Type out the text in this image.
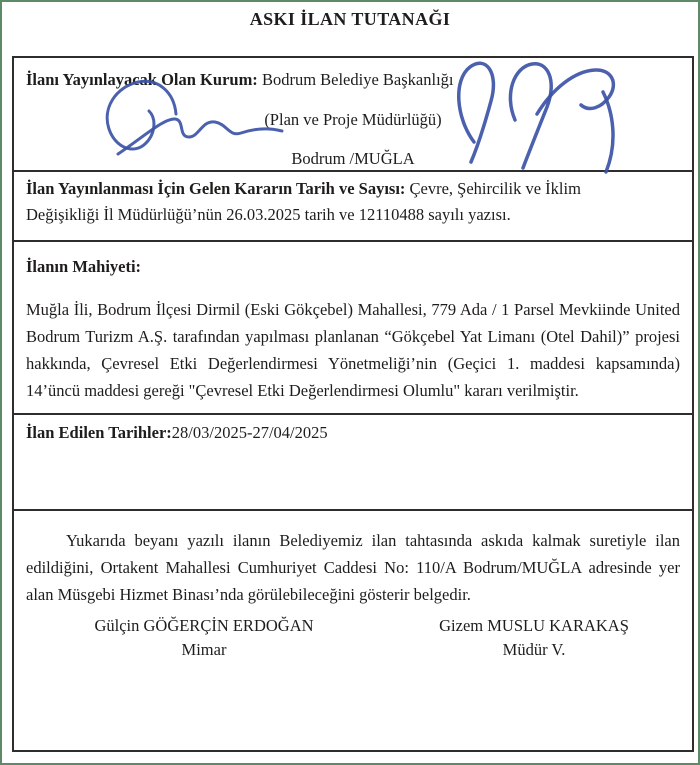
ASKI İLAN TUTANAĞI
İlanı Yayınlayacak Olan Kurum: Bodrum Belediye Başkanlığı
(Plan ve Proje Müdürlüğü)
Bodrum /MUĞLA
İlan Yayınlanması İçin Gelen Kararın Tarih ve Sayısı: Çevre, Şehircilik ve İklim Değişikliği İl Müdürlüğü’nün 26.03.2025 tarih ve 12110488 sayılı yazısı.
İlanın Mahiyeti:
Muğla İli, Bodrum İlçesi Dirmil (Eski Gökçebel) Mahallesi, 779 Ada / 1 Parsel Mevkiinde United Bodrum Turizm A.Ş. tarafından yapılması planlanan “Gökçebel Yat Limanı (Otel Dahil)” projesi hakkında, Çevresel Etki Değerlendirmesi Yönetmeliği’nin (Geçici 1. maddesi kapsamında) 14’üncü maddesi gereği "Çevresel Etki Değerlendirmesi Olumlu" kararı verilmiştir.
İlan Edilen Tarihler:28/03/2025-27/04/2025
Yukarıda beyanı yazılı ilanın Belediyemiz ilan tahtasında askıda kalmak suretiyle ilan edildiğini, Ortakent Mahallesi Cumhuriyet Caddesi No: 110/A Bodrum/MUĞLA adresinde yer alan Müsgebi Hizmet Binası’nda görülebileceğini gösterir belgedir.
Gülçin GÖĞERÇİN ERDOĞAN
Mimar
Gizem MUSLU KARAKAŞ
Müdür V.
